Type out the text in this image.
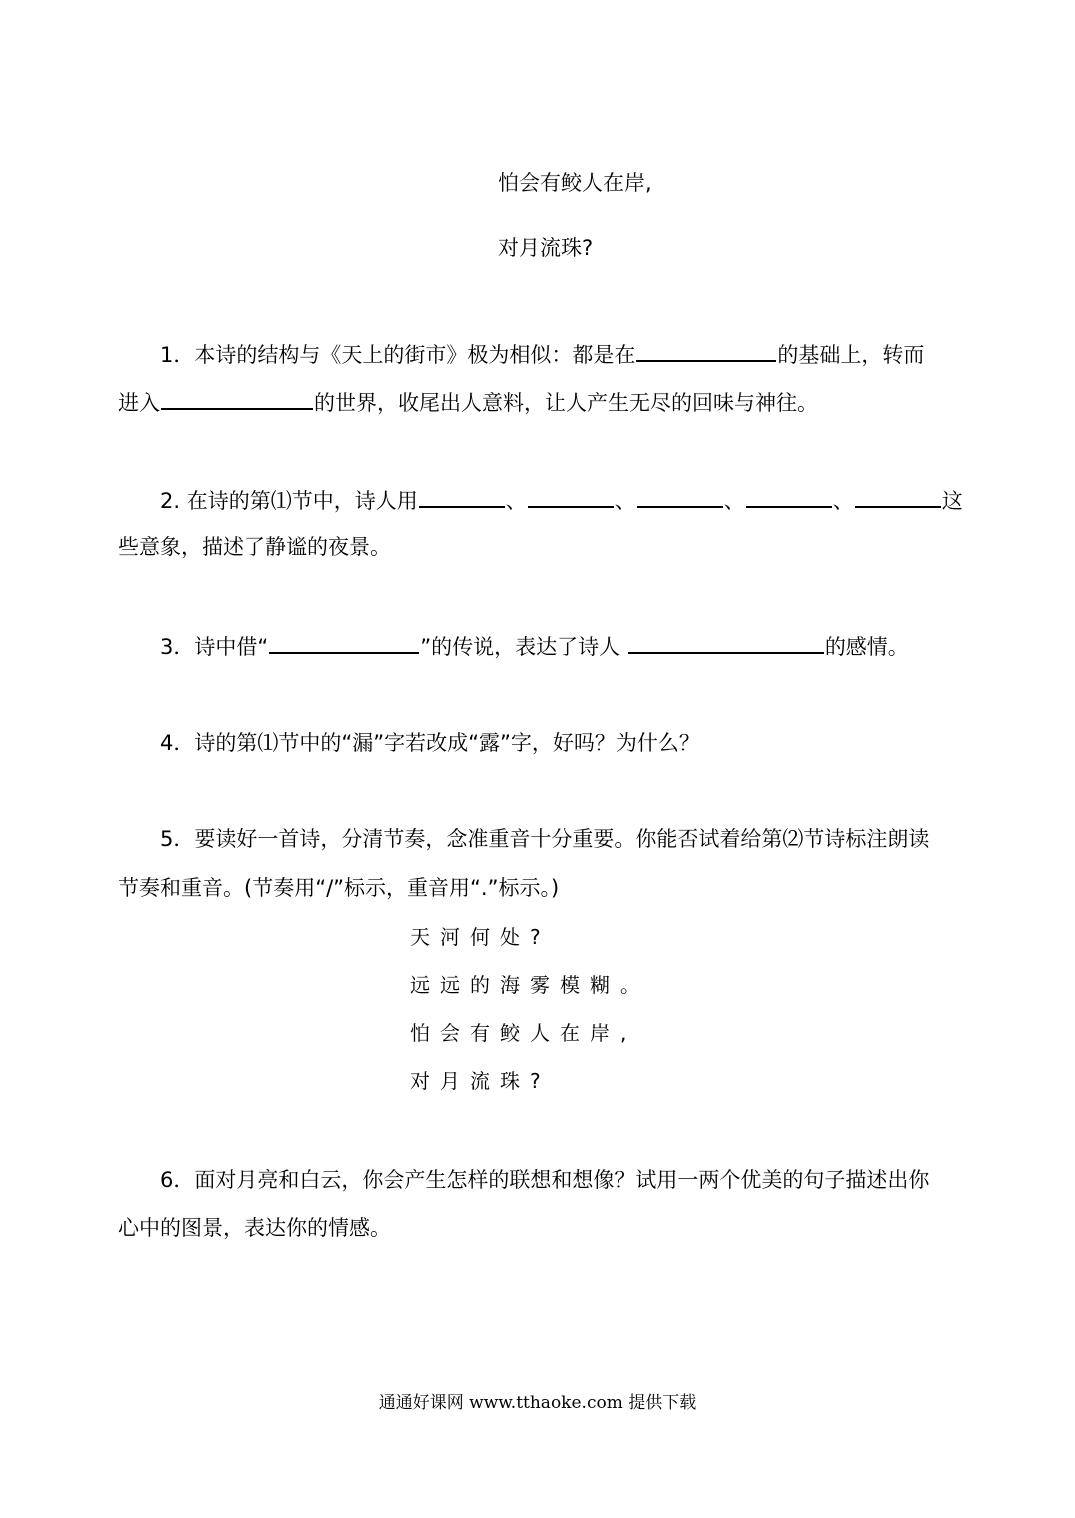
怕会有鲛人在岸,
对月流珠?
1．本诗的结构与《天上的街市》极为相似：都是在	的基础上，转而
进入	的世界，收尾出人意料，让人产生无尽的回味与神往。
2. 在诗的第⑴节中，诗人用	、	、	、	、	这
些意象，描述了静谧的夜景。
3．诗中借“	”的传说，表达了诗人	的感情。
4．诗的第⑴节中的“漏”字若改成“露”字，好吗？为什么？
5．要读好一首诗，分清节奏，念准重音十分重要。你能否试着给第⑵节诗标注朗读
节奏和重音。(节奏用“/”标示，重音用“.”标示。)
天河何处?
远远的海雾模糊。
怕会有鲛人在岸,
对月流珠?
6．面对月亮和白云，你会产生怎样的联想和想像？试用一两个优美的句子描述出你
心中的图景，表达你的情感。
通通好课网 www.tthaoke.com 提供下载
